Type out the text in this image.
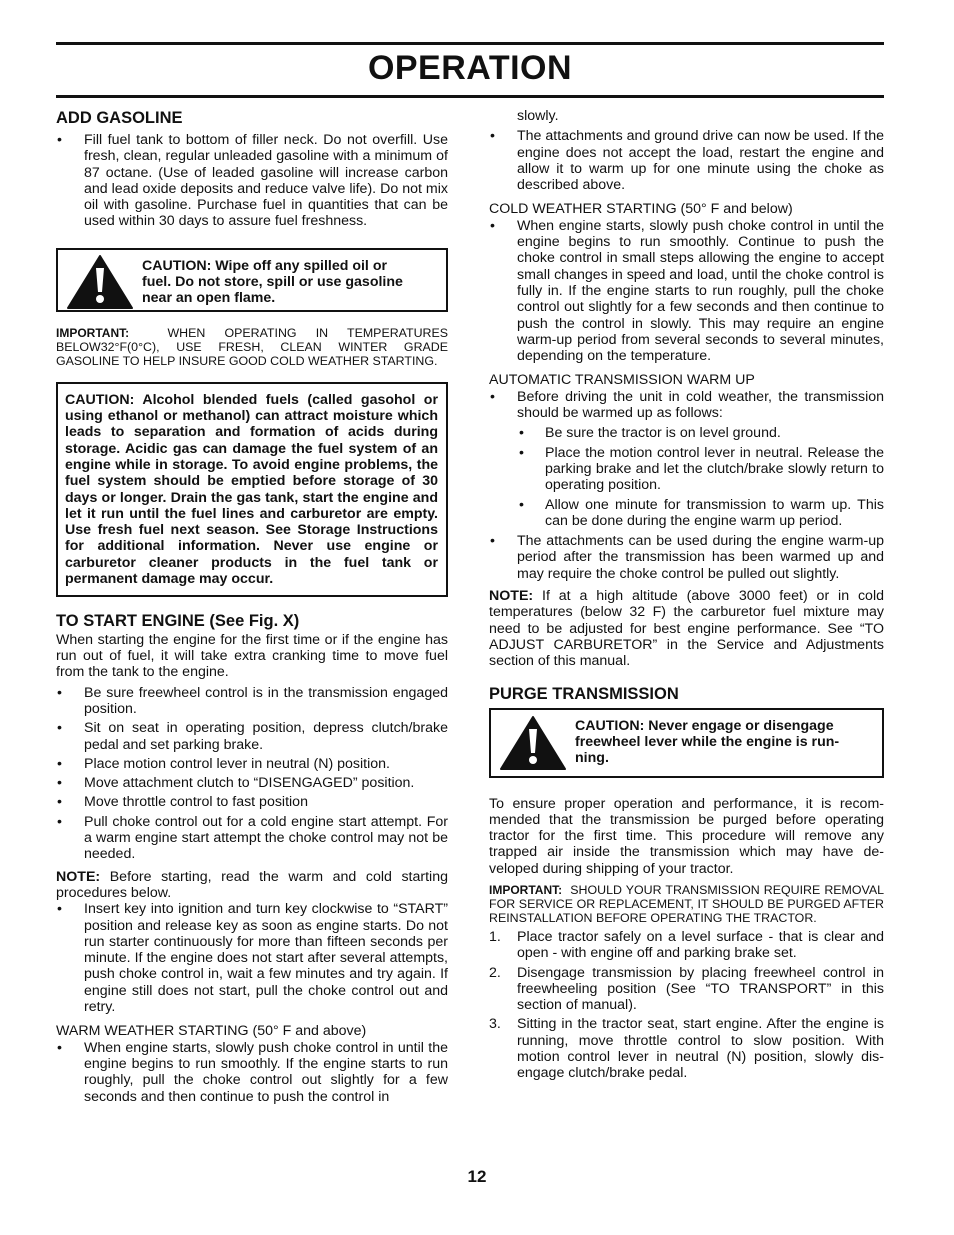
OPERATION
ADD GASOLINE
• Fill fuel tank to bottom of filler neck. Do not overfill. Use fresh, clean, regular unleaded gasoline with a minimum of 87 octane. (Use of leaded gasoline will increase carbon and lead oxide deposits and reduce valve life). Do not mix oil with gasoline. Purchase fuel in quantities that can be used within 30 days to assure fuel freshness.

CAUTION: Wipe off any spilled oil or fuel. Do not store, spill or use gasoline near an open flame.

IMPORTANT:	WHEN OPERATING IN TEMPERATURES BELOW32°F(0°C), USE FRESH, CLEAN WINTER GRADE GASOLINE TO HELP INSURE GOOD COLD WEATHER STARTING.

CAUTION: Alcohol blended fuels (called gasohol or using ethanol or methanol) can attract moisture which leads to separation and formation of acids during storage. Acidic gas can damage the fuel system of an engine while in storage. To avoid engine problems, the fuel system should be emptied before storage of 30 days or longer. Drain the gas tank, start the engine and let it run until the fuel lines and carburetor are empty. Use fresh fuel next season. See Storage Instructions for additional information. Never use engine or carburetor cleaner products in the fuel tank or permanent damage may occur.

TO START ENGINE (See Fig. X)

When starting the engine for the first time or if the engine has run out of fuel, it will take extra cranking time to move fuel from the tank to the engine.

• Be sure freewheel control is in the transmission engaged position.
• Sit on seat in operating position, depress clutch/brake pedal and set parking brake.
• Place motion control lever in neutral (N) position.
• Move attachment clutch to “DISENGAGED” position.
• Move throttle control to fast position
• Pull choke control out for a cold engine start attempt. For a warm engine start attempt the choke control may not be needed.

NOTE: Before starting, read the warm and cold starting procedures below.

• Insert key into ignition and turn key clockwise to “START” position and release key as soon as engine starts. Do not run starter continuously for more than fifteen seconds per minute. If the engine does not start after several attempts, push choke control in, wait a few minutes and try again. If engine still does not start, pull the choke control out and retry.

WARM WEATHER STARTING (50° F and above)

• When engine starts, slowly push choke control in until the engine begins to run smoothly. If the engine starts to run roughly, pull the choke control out slightly for a few seconds and then continue to push the control in

slowly.

• The attachments and ground drive can now be used. If the engine does not accept the load, restart the engine and allow it to warm up for one minute using the choke as described above.

COLD WEATHER STARTING (50° F and below)

• When engine starts, slowly push choke control in until the engine begins to run smoothly. Continue to push the choke control in small steps allowing the engine to accept small changes in speed and load, until the choke control is fully in. If the engine starts to run roughly, pull the choke control out slightly for a few seconds and then continue to push the control in slowly. This may require an engine warm-up period from several seconds to several minutes, depending on the temperature.

AUTOMATIC TRANSMISSION WARM UP

• Before driving the unit in cold weather, the transmission should be warmed up as follows:
• Be sure the tractor is on level ground.
• Place the motion control lever in neutral. Release the parking brake and let the clutch/brake slowly return to operating position.
• Allow one minute for transmission to warm up. This can be done during the engine warm up period.
• The attachments can be used during the engine warm-up period after the transmission has been warmed up and may require the choke control be pulled out slightly.

NOTE: If at a high altitude (above 3000 feet) or in cold temperatures (below 32 F) the carburetor fuel mixture may need to be adjusted for best engine performance. See “TO ADJUST CARBURETOR” in the Service and Adjustments section of this manual.

PURGE TRANSMISSION

CAUTION: Never engage or disengage freewheel lever while the engine is run-ning.

To ensure proper operation and performance, it is recom-mended that the transmission be purged before operating tractor for the first time. This procedure will remove any trapped air inside the transmission which may have de-veloped during shipping of your tractor.

IMPORTANT: SHOULD YOUR TRANSMISSION REQUIRE REMOVAL FOR SERVICE OR REPLACEMENT, IT SHOULD BE PURGED AFTER REINSTALLATION BEFORE OPERATING THE TRACTOR.

1. Place tractor safely on a level surface - that is clear and open - with engine off and parking brake set.
2. Disengage transmission by placing freewheel control in freewheeling position (See “TO TRANSPORT” in this section of manual).
3. Sitting in the tractor seat, start engine. After the engine is running, move throttle control to slow position. With motion control lever in neutral (N) position, slowly dis-engage clutch/brake pedal.
12
